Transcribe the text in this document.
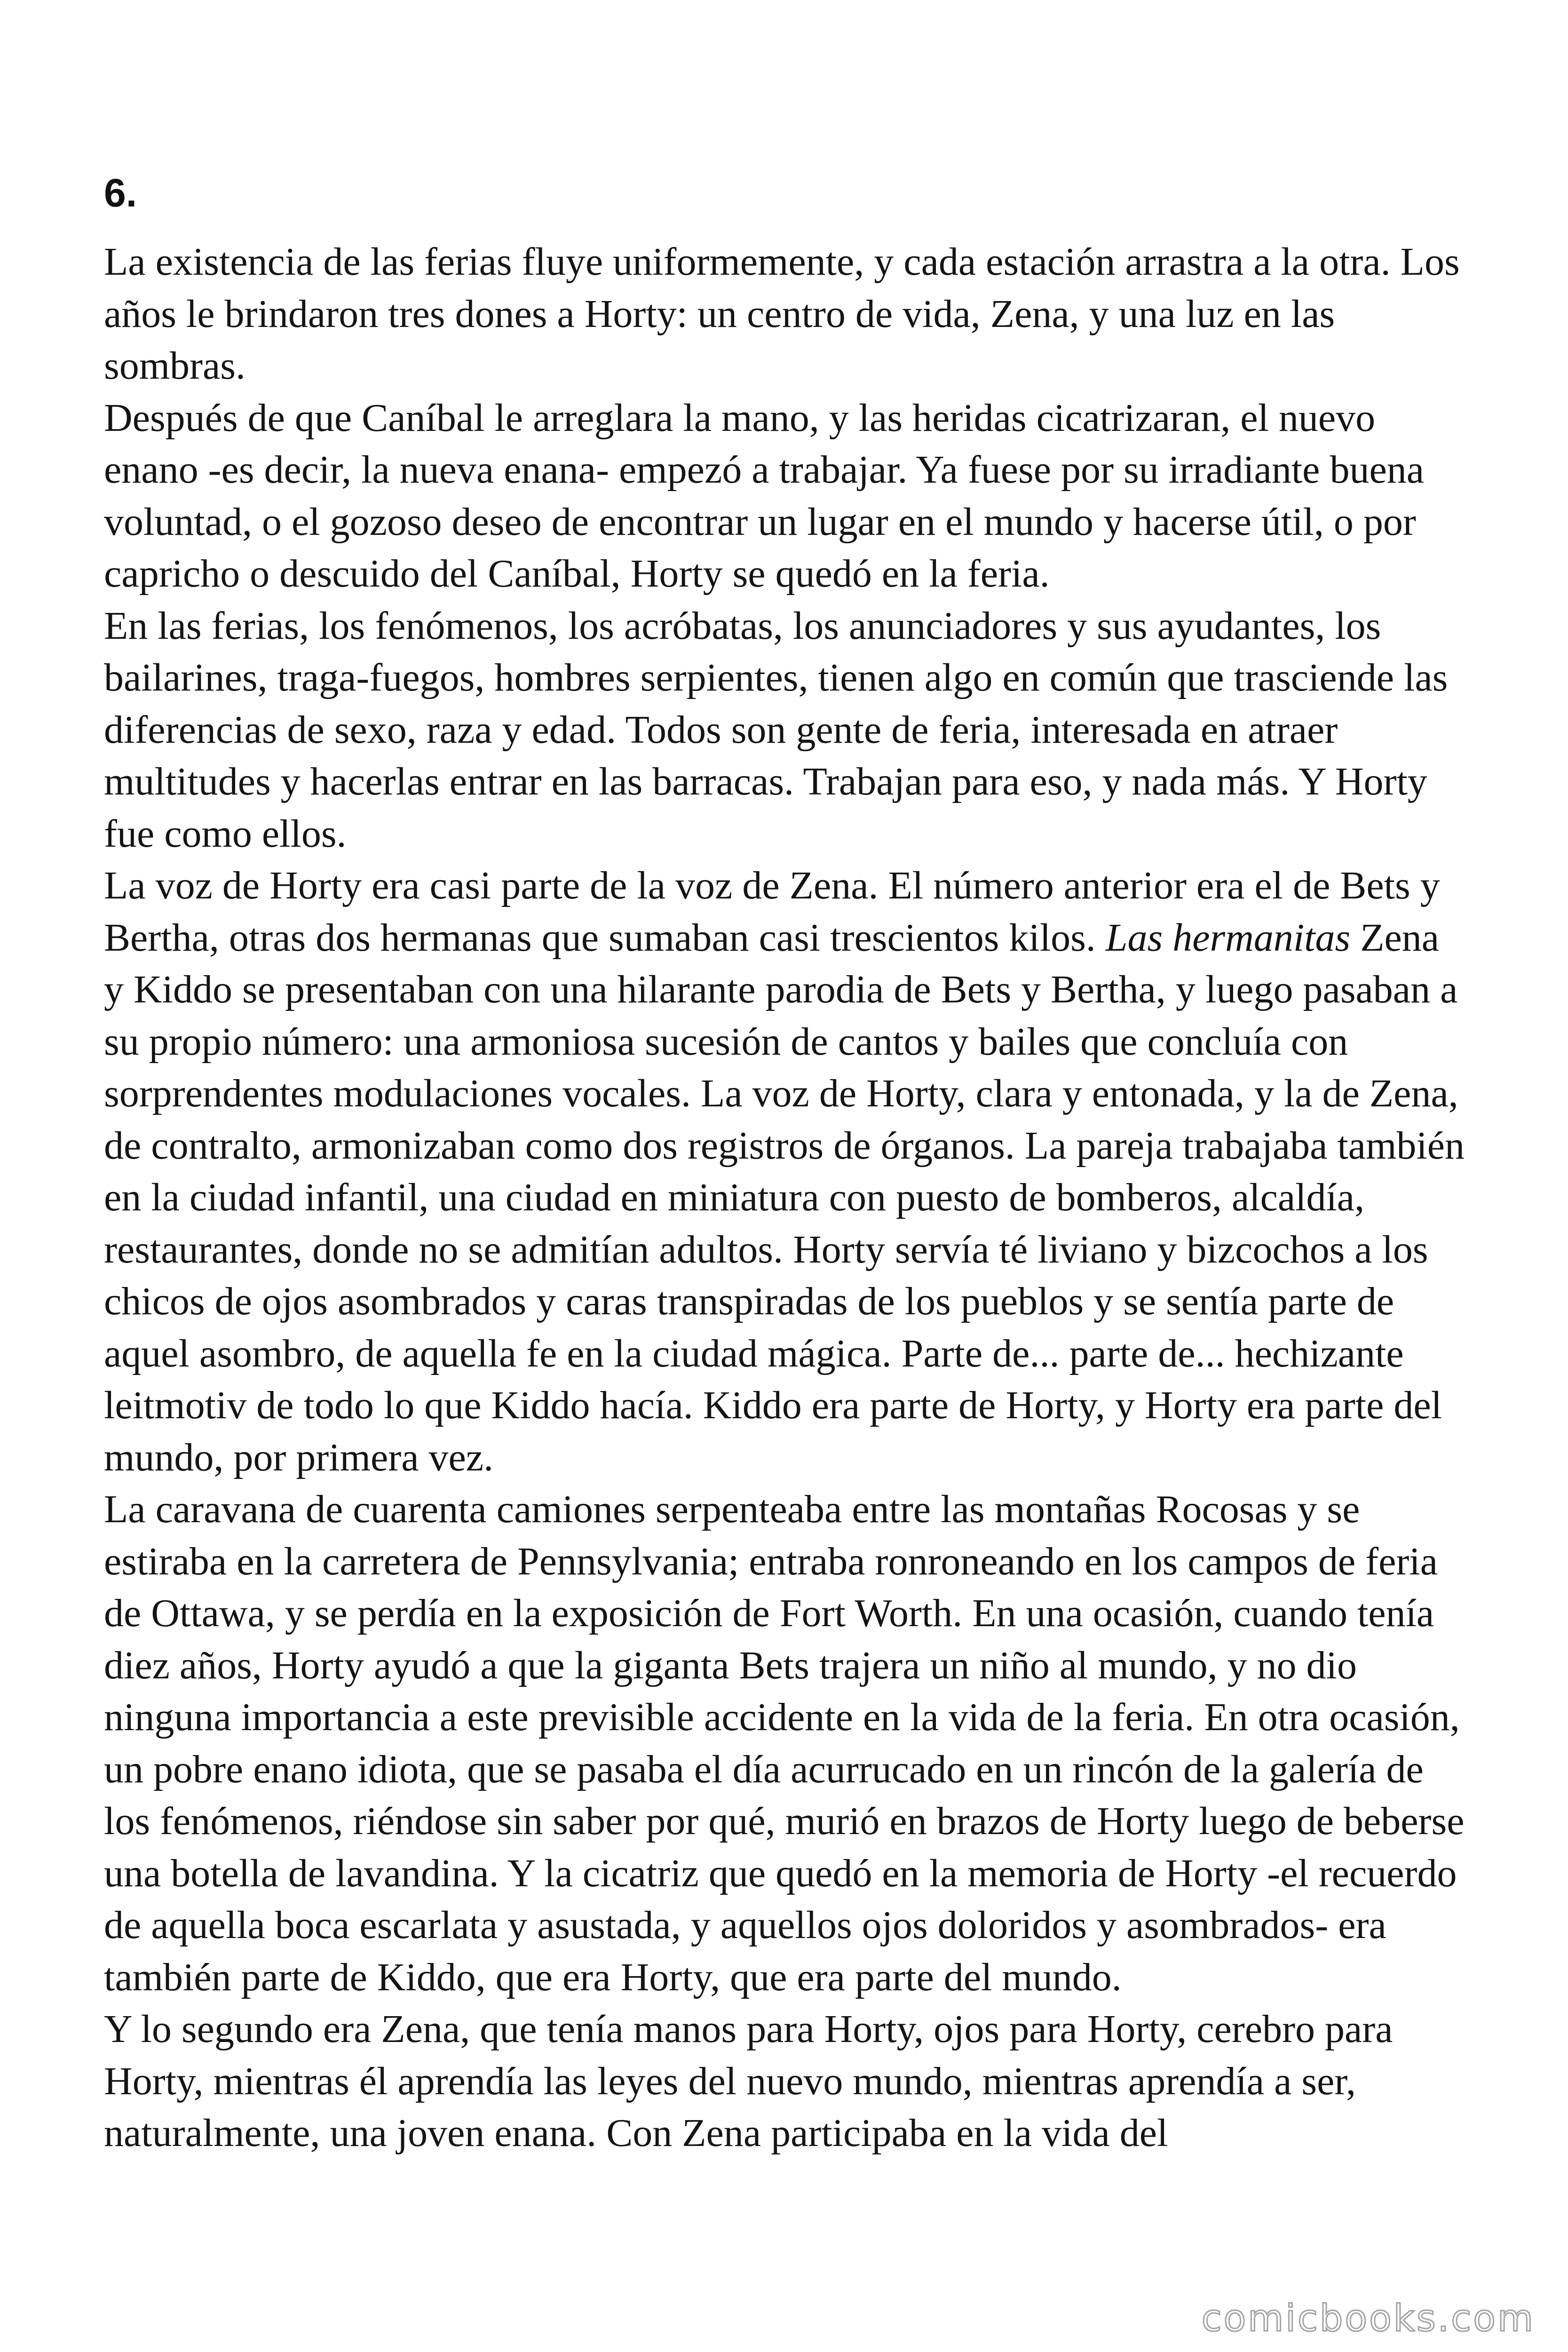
6.

La existencia de las ferias fluye uniformemente, y cada estación arrastra a la otra. Los años le brindaron tres dones a Horty: un centro de vida, Zena, y una luz en las sombras.

Después de que Caníbal le arreglara la mano, y las heridas cicatrizaran, el nuevo enano -es decir, la nueva enana- empezó a trabajar. Ya fuese por su irradiante buena voluntad, o el gozoso deseo de encontrar un lugar en el mundo y hacerse útil, o por capricho o descuido del Caníbal, Horty se quedó en la feria.

En las ferias, los fenómenos, los acróbatas, los anunciadores y sus ayudantes, los bailarines, traga-fuegos, hombres serpientes, tienen algo en común que trasciende las diferencias de sexo, raza y edad. Todos son gente de feria, interesada en atraer multitudes y hacerlas entrar en las barracas. Trabajan para eso, y nada más. Y Horty fue como ellos.

La voz de Horty era casi parte de la voz de Zena. El número anterior era el de Bets y Bertha, otras dos hermanas que sumaban casi trescientos kilos. Las hermanitas Zena y Kiddo se presentaban con una hilarante parodia de Bets y Bertha, y luego pasaban a su propio número: una armoniosa sucesión de cantos y bailes que concluía con sorprendentes modulaciones vocales. La voz de Horty, clara y entonada, y la de Zena, de contralto, armonizaban como dos registros de órganos. La pareja trabajaba también en la ciudad infantil, una ciudad en miniatura con puesto de bomberos, alcaldía, restaurantes, donde no se admitían adultos. Horty servía té liviano y bizcochos a los chicos de ojos asombrados y caras transpiradas de los pueblos y se sentía parte de aquel asombro, de aquella fe en la ciudad mágica. Parte de... parte de... hechizante leitmotiv de todo lo que Kiddo hacía. Kiddo era parte de Horty, y Horty era parte del mundo, por primera vez.

La caravana de cuarenta camiones serpenteaba entre las montañas Rocosas y se estiraba en la carretera de Pennsylvania; entraba ronroneando en los campos de feria de Ottawa, y se perdía en la exposición de Fort Worth. En una ocasión, cuando tenía diez años, Horty ayudó a que la giganta Bets trajera un niño al mundo, y no dio ninguna importancia a este previsible accidente en la vida de la feria. En otra ocasión, un pobre enano idiota, que se pasaba el día acurrucado en un rincón de la galería de los fenómenos, riéndose sin saber por qué, murió en brazos de Horty luego de beberse una botella de lavandina. Y la cicatriz que quedó en la memoria de Horty -el recuerdo de aquella boca escarlata y asustada, y aquellos ojos doloridos y asombrados- era también parte de Kiddo, que era Horty, que era parte del mundo.

Y lo segundo era Zena, que tenía manos para Horty, ojos para Horty, cerebro para Horty, mientras él aprendía las leyes del nuevo mundo, mientras aprendía a ser, naturalmente, una joven enana. Con Zena participaba en la vida del

comicbooks.com
